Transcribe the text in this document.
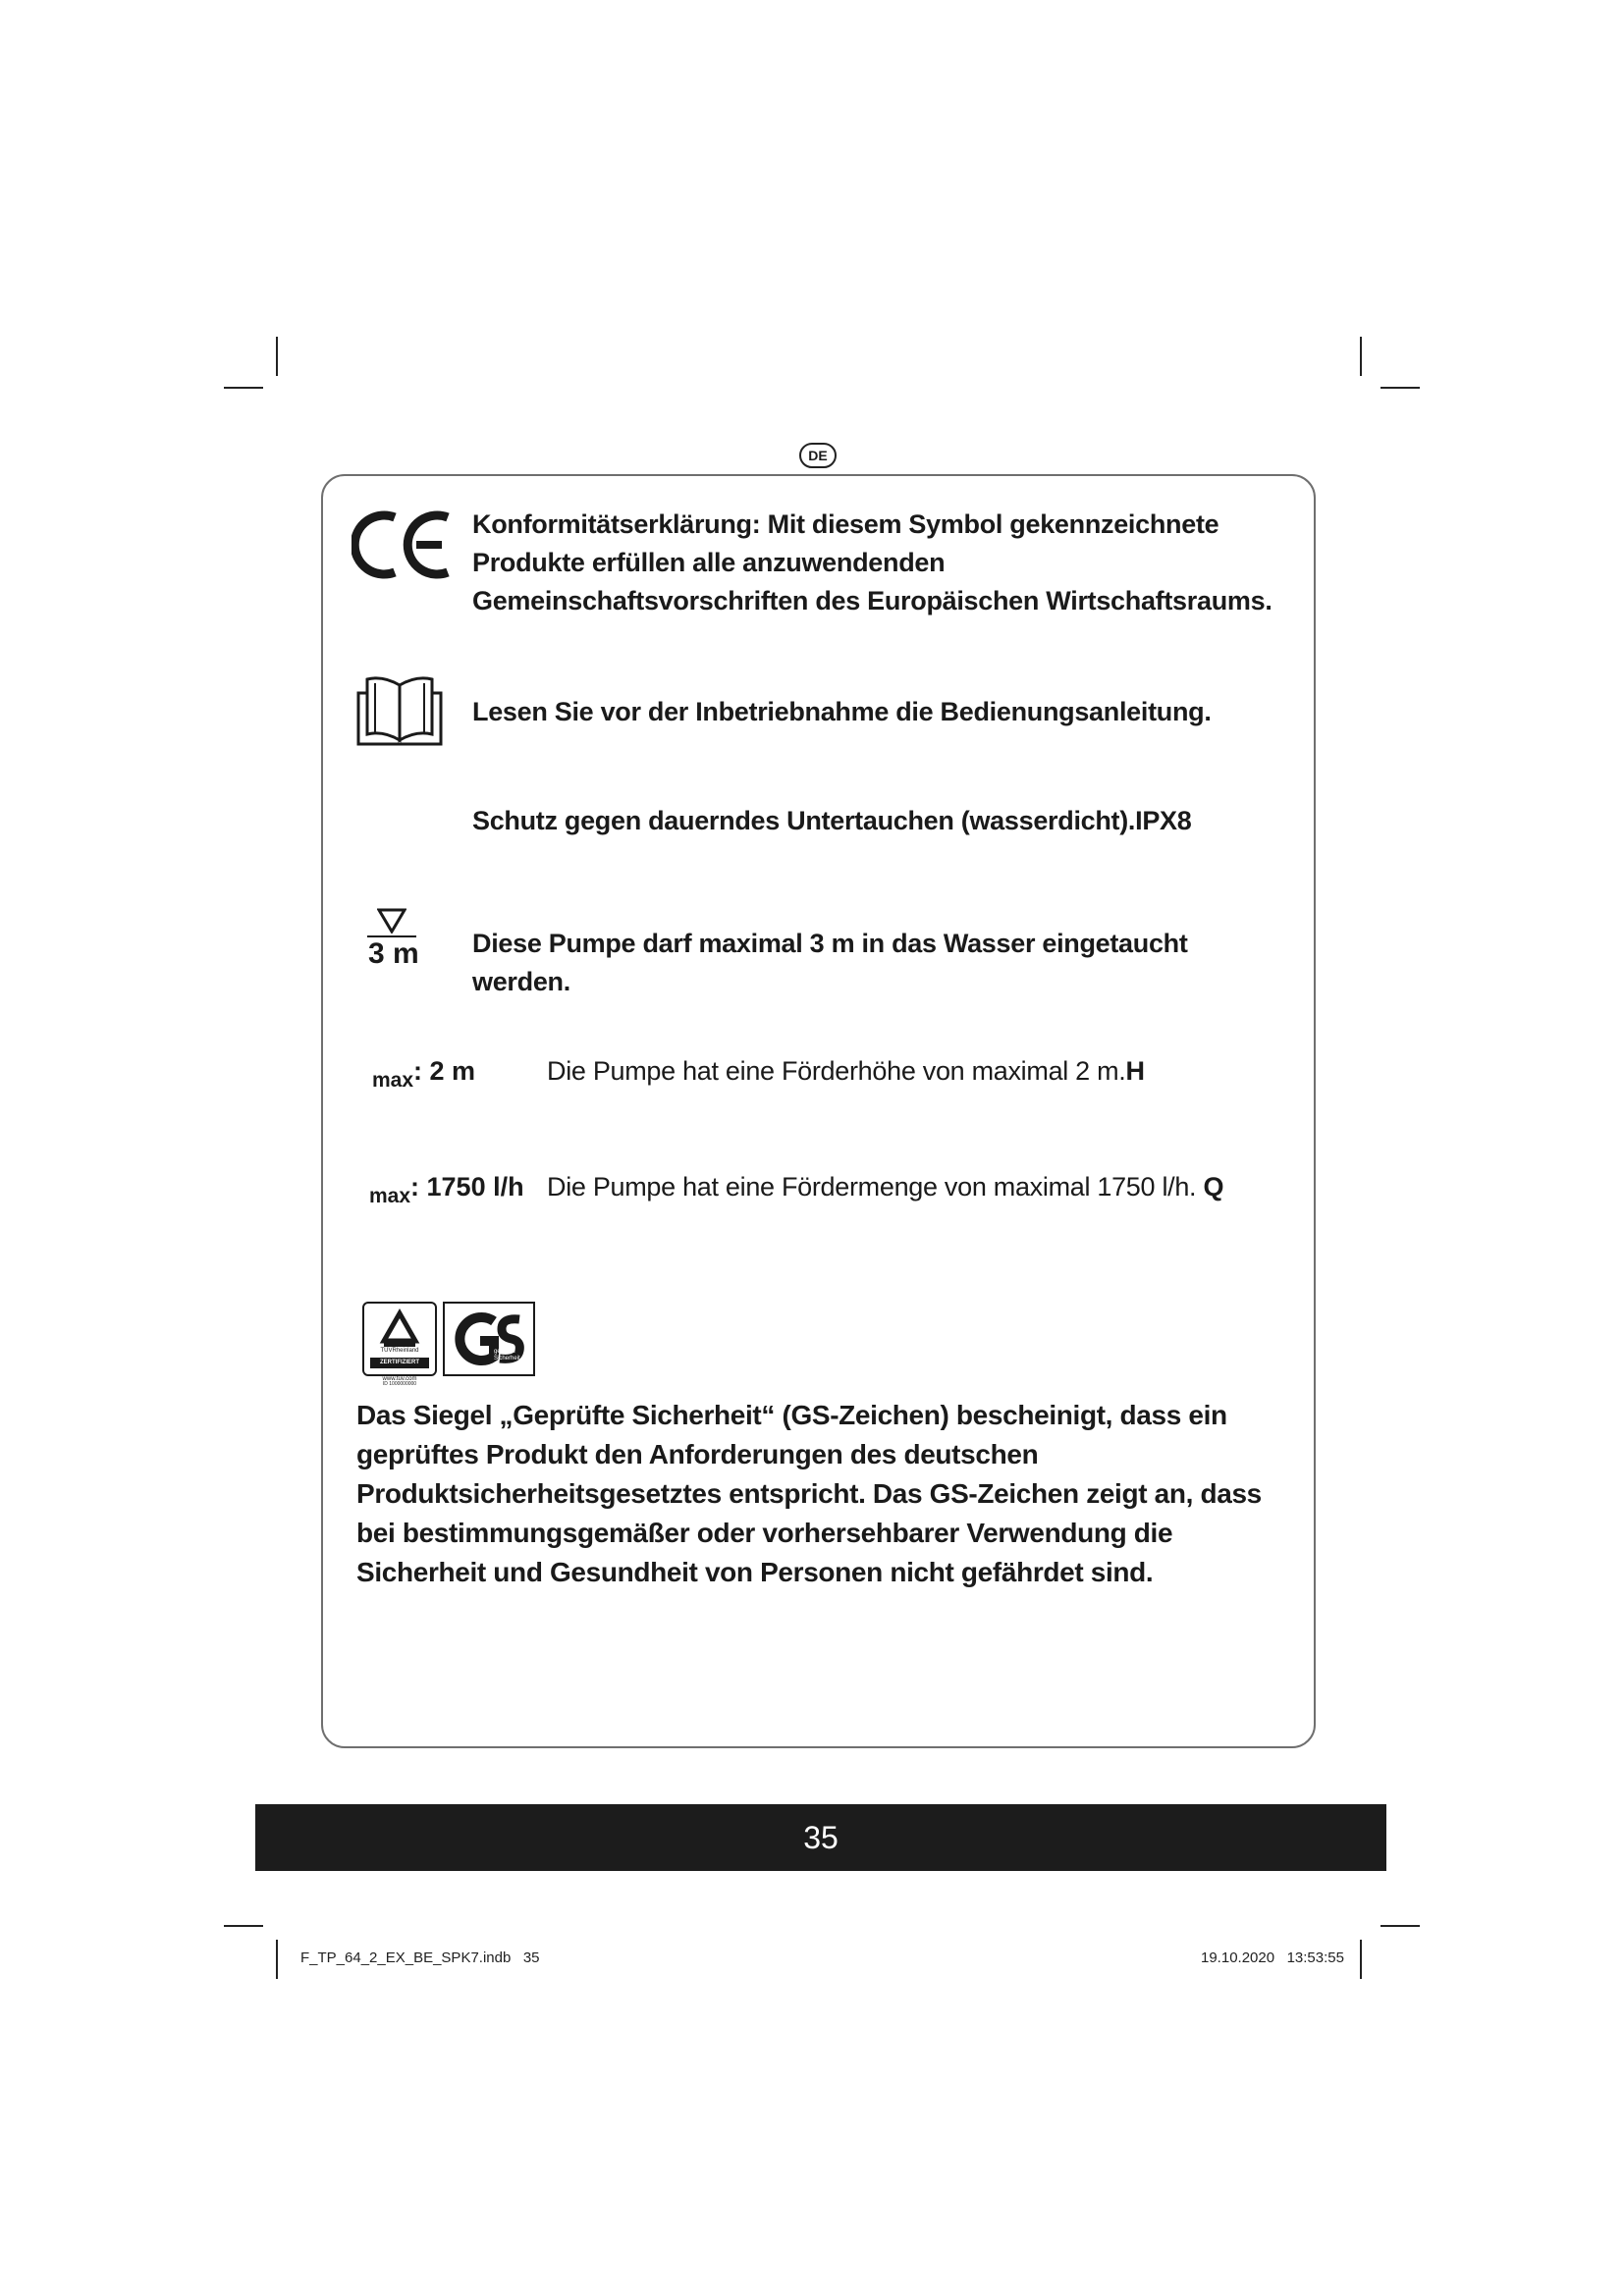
DE
Konformitätserklärung: Mit diesem Symbol gekennzeichnete Produkte erfüllen alle anzuwendenden Gemeinschaftsvorschriften des Europäischen Wirtschaftsraums.
Lesen Sie vor der Inbetriebnahme die Bedienungsanleitung.
Schutz gegen dauerndes Untertauchen (wasserdicht).IPX8
3 m Diese Pumpe darf maximal 3 m in das Wasser eingetaucht werden.
$_{max}$: 2 m	Die Pumpe hat eine Förderhöhe von maximal 2 m.H
$_{max}$: 1750 l/h Die Pumpe hat eine Fördermenge von maximal 1750 l/h. Q
TÜVRheinland
ZERTIFIZIERT
geprüfte Sicherheit
www.tuv.com
ID 1000000000
Das Siegel „Geprüfte Sicherheit“ (GS-Zeichen) bescheinigt, dass ein geprüftes Produkt den Anforderungen des deutschen Produktsicherheitsgesetztes entspricht. Das GS-Zeichen zeigt an, dass bei bestimmungsgemäßer oder vorhersehbarer Verwendung die Sicherheit und Gesundheit von Personen nicht gefährdet sind.
35
F_TP_64_2_EX_BE_SPK7.indb   35	19.10.2020   13:53:55
